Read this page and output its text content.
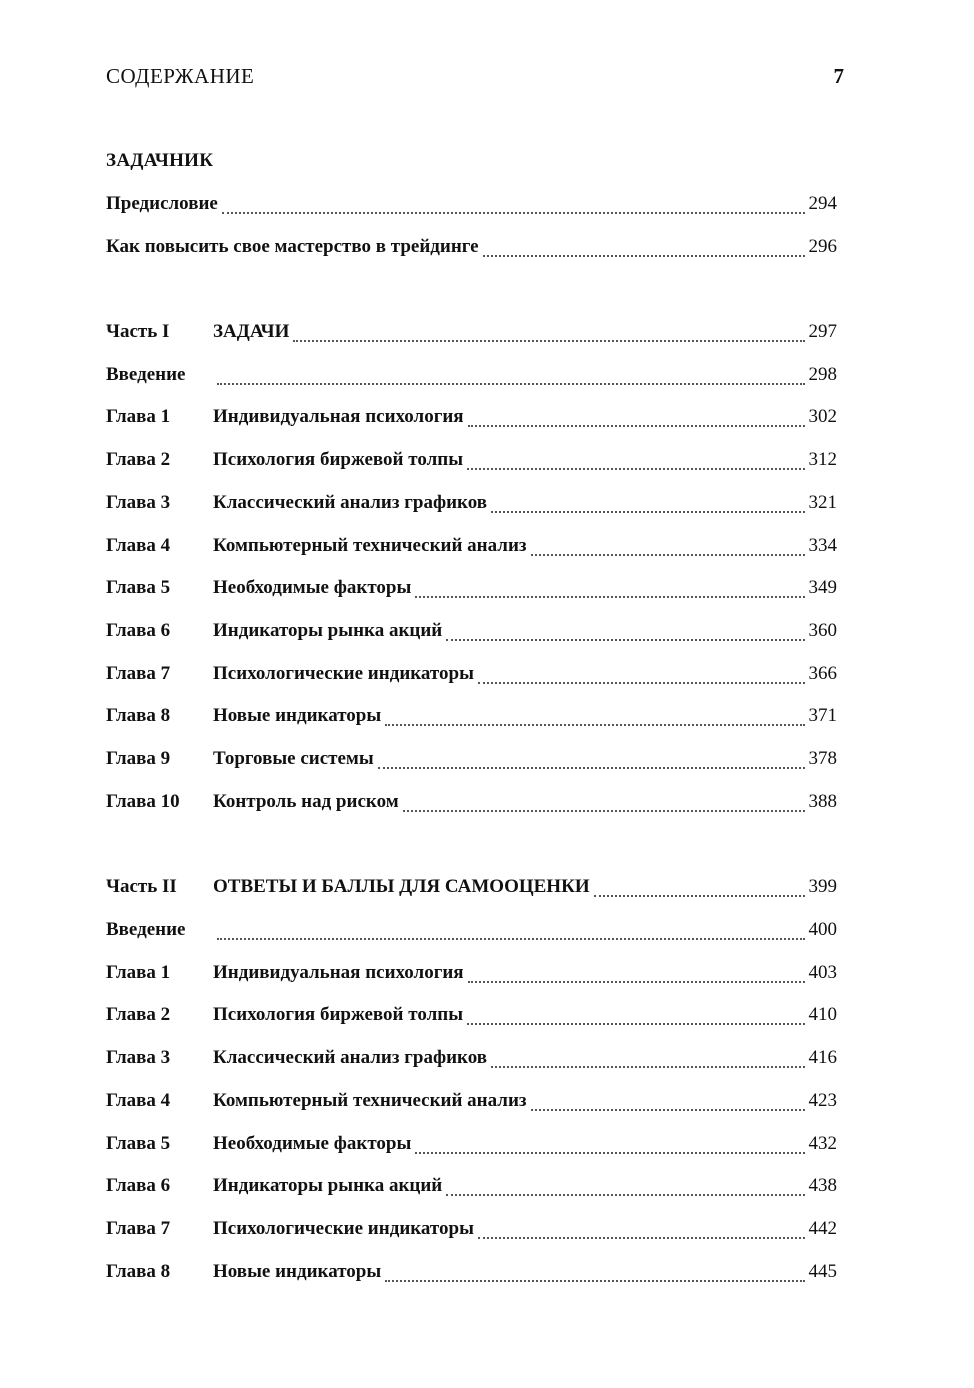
СОДЕРЖАНИЕ	7
ЗАДАЧНИК
Предисловие	294
Как повысить свое мастерство в трейдинге	296
Часть I	ЗАДАЧИ	297
Введение	298
Глава 1	Индивидуальная психология	302
Глава 2	Психология биржевой толпы	312
Глава 3	Классический анализ графиков	321
Глава 4	Компьютерный технический анализ	334
Глава 5	Необходимые факторы	349
Глава 6	Индикаторы рынка акций	360
Глава 7	Психологические индикаторы	366
Глава 8	Новые индикаторы	371
Глава 9	Торговые системы	378
Глава 10	Контроль над риском	388
Часть II	ОТВЕТЫ И БАЛЛЫ ДЛЯ САМООЦЕНКИ	399
Введение	400
Глава 1	Индивидуальная психология	403
Глава 2	Психология биржевой толпы	410
Глава 3	Классический анализ графиков	416
Глава 4	Компьютерный технический анализ	423
Глава 5	Необходимые факторы	432
Глава 6	Индикаторы рынка акций	438
Глава 7	Психологические индикаторы	442
Глава 8	Новые индикаторы	445
